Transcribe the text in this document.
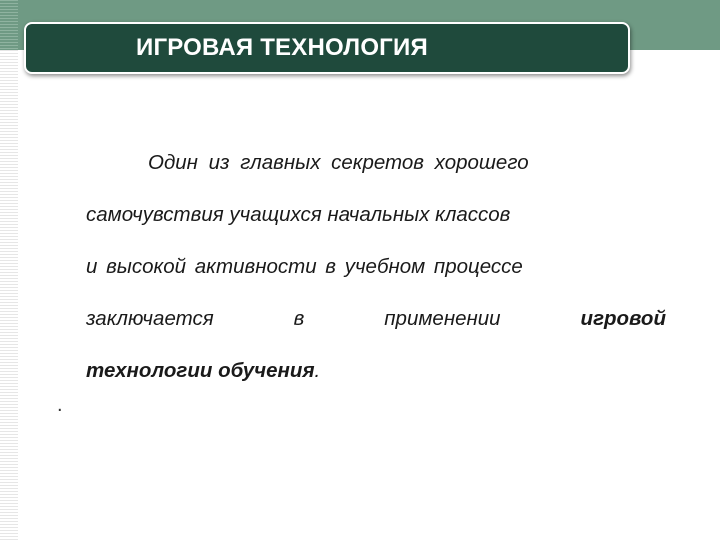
ИГРОВАЯ ТЕХНОЛОГИЯ
Один из главных секретов хорошего
самочувствия учащихся начальных классов
и высокой активности в учебном процессе
заключается	в	применении	игровой
технологии обучения.
.
